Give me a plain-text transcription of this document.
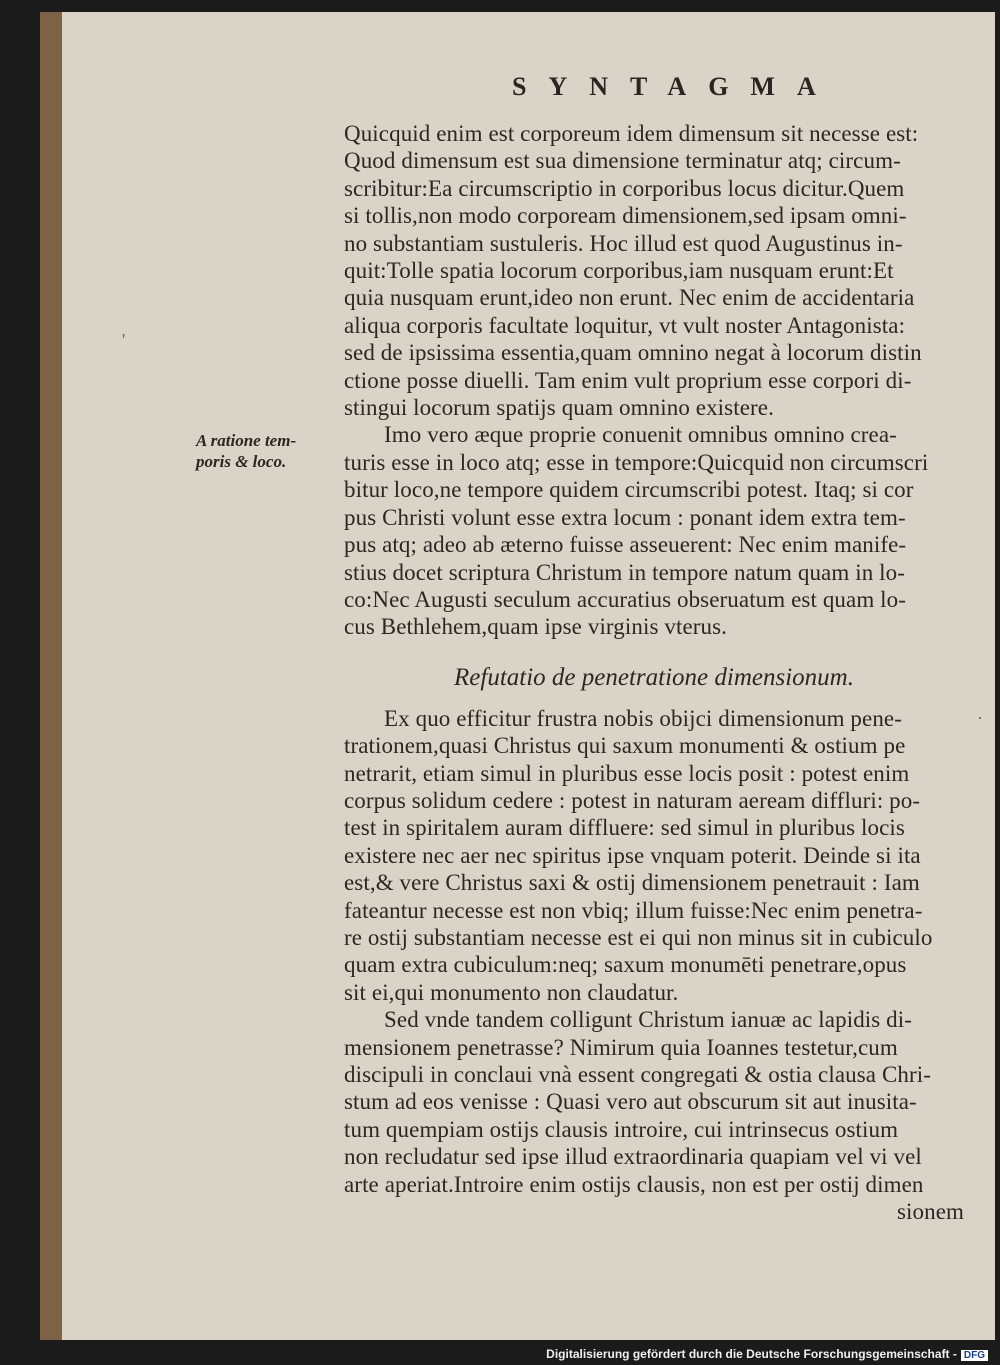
'
·
SYNTAGMA
A ratione tem-
poris & loco.
Quicquid enim est corporeum idem dimensum sit necesse est:
Quod dimensum est sua dimensione terminatur atq; circum-
scribitur:Ea circumscriptio in corporibus locus dicitur.Quem
si tollis,non modo corpoream dimensionem,sed ipsam omni-
no substantiam sustuleris. Hoc illud est quod Augustinus in-
quit:Tolle spatia locorum corporibus,iam nusquam erunt:Et
quia nusquam erunt,ideo non erunt. Nec enim de accidentaria
aliqua corporis facultate loquitur, vt vult noster Antagonista:
sed de ipsissima essentia,quam omnino negat à locorum distin
ctione posse diuelli. Tam enim vult proprium esse corpori di-
stingui locorum spatijs quam omnino existere.
Imo vero æque proprie conuenit omnibus omnino crea-
turis esse in loco atq; esse in tempore:Quicquid non circumscri
bitur loco,ne tempore quidem circumscribi potest. Itaq; si cor
pus Christi volunt esse extra locum : ponant idem extra tem-
pus atq; adeo ab æterno fuisse asseuerent: Nec enim manife-
stius docet scriptura Christum in tempore natum quam in lo-
co:Nec Augusti seculum accuratius obseruatum est quam lo-
cus Bethlehem,quam ipse virginis vterus.
Refutatio de penetratione dimensionum.
Ex quo efficitur frustra nobis obijci dimensionum pene-
trationem,quasi Christus qui saxum monumenti & ostium pe
netrarit, etiam simul in pluribus esse locis posit : potest enim
corpus solidum cedere : potest in naturam aeream diffluri: po-
test in spiritalem auram diffluere: sed simul in pluribus locis
existere nec aer nec spiritus ipse vnquam poterit. Deinde si ita
est,& vere Christus saxi & ostij dimensionem penetrauit : Iam
fateantur necesse est non vbiq; illum fuisse:Nec enim penetra-
re ostij substantiam necesse est ei qui non minus sit in cubiculo
quam extra cubiculum:neq; saxum monumēti penetrare,opus
sit ei,qui monumento non claudatur.
Sed vnde tandem colligunt Christum ianuæ ac lapidis di-
mensionem penetrasse? Nimirum quia Ioannes testetur,cum
discipuli in conclaui vnà essent congregati & ostia clausa Chri-
stum ad eos venisse : Quasi vero aut obscurum sit aut inusita-
tum quempiam ostijs clausis introire, cui intrinsecus ostium
non recludatur sed ipse illud extraordinaria quapiam vel vi vel
arte aperiat.Introire enim ostijs clausis, non est per ostij dimen
sionem
Digitalisierung gefördert durch die Deutsche Forschungsgemeinschaft - DFG
